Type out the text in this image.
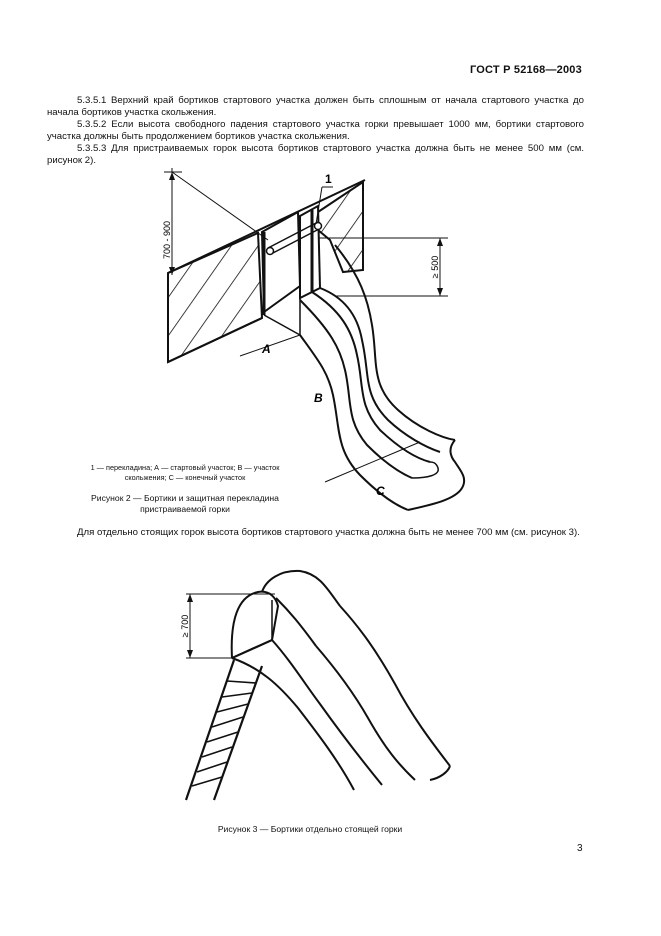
ГОСТ Р 52168—2003
5.3.5.1 Верхний край бортиков стартового участка должен быть сплошным от начала стартового участка до начала бортиков участка скольжения.
5.3.5.2 Если высота свободного падения стартового участка горки превышает 1000 мм, бортики стартового участка должны быть продолжением бортиков участка скольжения.
5.3.5.3 Для пристраиваемых горок высота бортиков стартового участка должна быть не менее 500 мм (см. рисунок 2).
700 - 900
≥ 500
1
A
B
C
≥ 700
1 — перекладина; А — стартовый участок; В — участок
скольжения; С — конечный участок
Рисунок 2 — Бортики и защитная перекладина
пристраиваемой горки
Для отдельно стоящих горок высота бортиков стартового участка должна быть не менее 700 мм (см. рисунок 3).
Рисунок 3 — Бортики отдельно стоящей горки
3
